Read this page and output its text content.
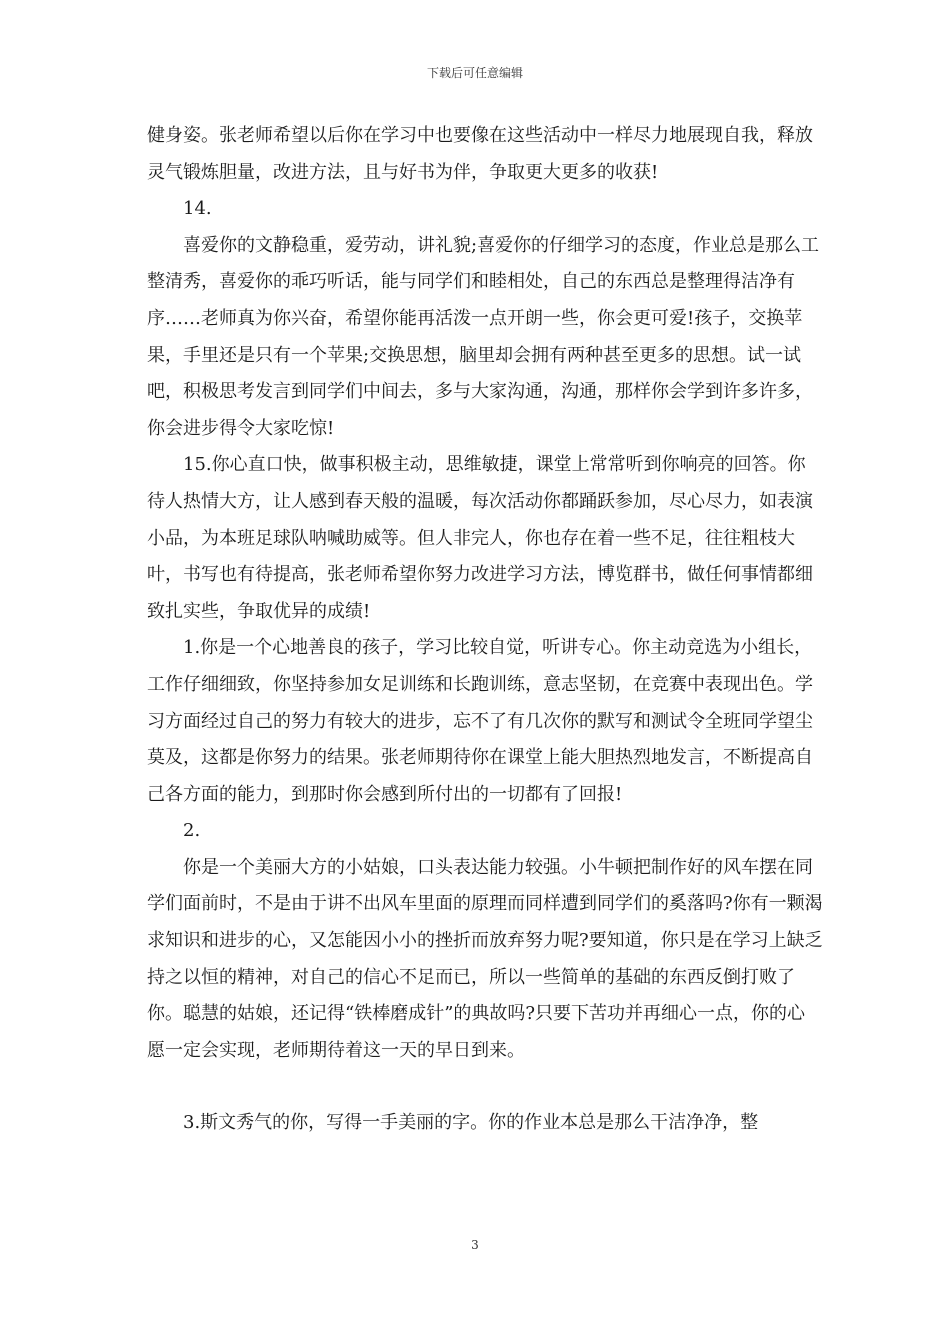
下载后可任意编辑

健身姿。张老师希望以后你在学习中也要像在这些活动中一样尽力地展现自我，释放灵气锻炼胆量，改进方法，且与好书为伴，争取更大更多的收获!

14.

喜爱你的文静稳重，爱劳动，讲礼貌;喜爱你的仔细学习的态度，作业总是那么工整清秀，喜爱你的乖巧听话，能与同学们和睦相处，自己的东西总是整理得洁净有序……老师真为你兴奋，希望你能再活泼一点开朗一些，你会更可爱!孩子，交换苹果，手里还是只有一个苹果;交换思想，脑里却会拥有两种甚至更多的思想。试一试吧，积极思考发言到同学们中间去，多与大家沟通，沟通，那样你会学到许多许多，你会进步得令大家吃惊!

15.你心直口快，做事积极主动，思维敏捷，课堂上常常听到你响亮的回答。你待人热情大方，让人感到春天般的温暖，每次活动你都踊跃参加，尽心尽力，如表演小品，为本班足球队呐喊助威等。但人非完人，你也存在着一些不足，往往粗枝大叶，书写也有待提高，张老师希望你努力改进学习方法，博览群书，做任何事情都细致扎实些，争取优异的成绩!

1.你是一个心地善良的孩子，学习比较自觉，听讲专心。你主动竞选为小组长，工作仔细细致，你坚持参加女足训练和长跑训练，意志坚韧，在竞赛中表现出色。学习方面经过自己的努力有较大的进步，忘不了有几次你的默写和测试令全班同学望尘莫及，这都是你努力的结果。张老师期待你在课堂上能大胆热烈地发言，不断提高自己各方面的能力，到那时你会感到所付出的一切都有了回报!

2.

你是一个美丽大方的小姑娘，口头表达能力较强。小牛顿把制作好的风车摆在同学们面前时，不是由于讲不出风车里面的原理而同样遭到同学们的奚落吗?你有一颗渴求知识和进步的心，又怎能因小小的挫折而放弃努力呢?要知道，你只是在学习上缺乏持之以恒的精神，对自己的信心不足而已，所以一些简单的基础的东西反倒打败了你。聪慧的姑娘，还记得“铁棒磨成针”的典故吗?只要下苦功并再细心一点，你的心愿一定会实现，老师期待着这一天的早日到来。

3.斯文秀气的你，写得一手美丽的字。你的作业本总是那么干洁净净，整

3
